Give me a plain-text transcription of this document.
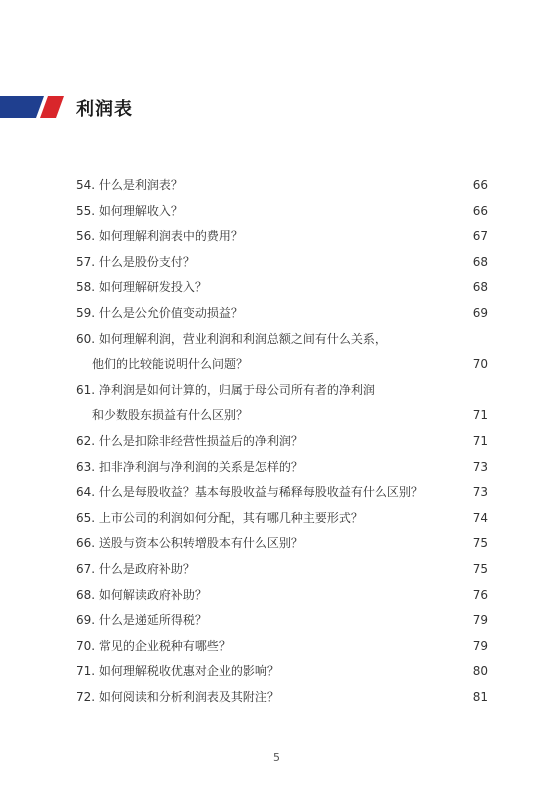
利润表
54. 什么是利润表？	66
55. 如何理解收入？	66
56. 如何理解利润表中的费用？	67
57. 什么是股份支付？	68
58. 如何理解研发投入？	68
59. 什么是公允价值变动损益？	69
60. 如何理解利润，营业利润和利润总额之间有什么关系，
他们的比较能说明什么问题？	70
61. 净利润是如何计算的，归属于母公司所有者的净利润
和少数股东损益有什么区别？	71
62. 什么是扣除非经营性损益后的净利润？	71
63. 扣非净利润与净利润的关系是怎样的？	73
64. 什么是每股收益？基本每股收益与稀释每股收益有什么区别？	73
65. 上市公司的利润如何分配，其有哪几种主要形式？	74
66. 送股与资本公积转增股本有什么区别？	75
67. 什么是政府补助？	75
68. 如何解读政府补助？	76
69. 什么是递延所得税？	79
70. 常见的企业税种有哪些？	79
71. 如何理解税收优惠对企业的影响？	80
72. 如何阅读和分析利润表及其附注？	81
5
